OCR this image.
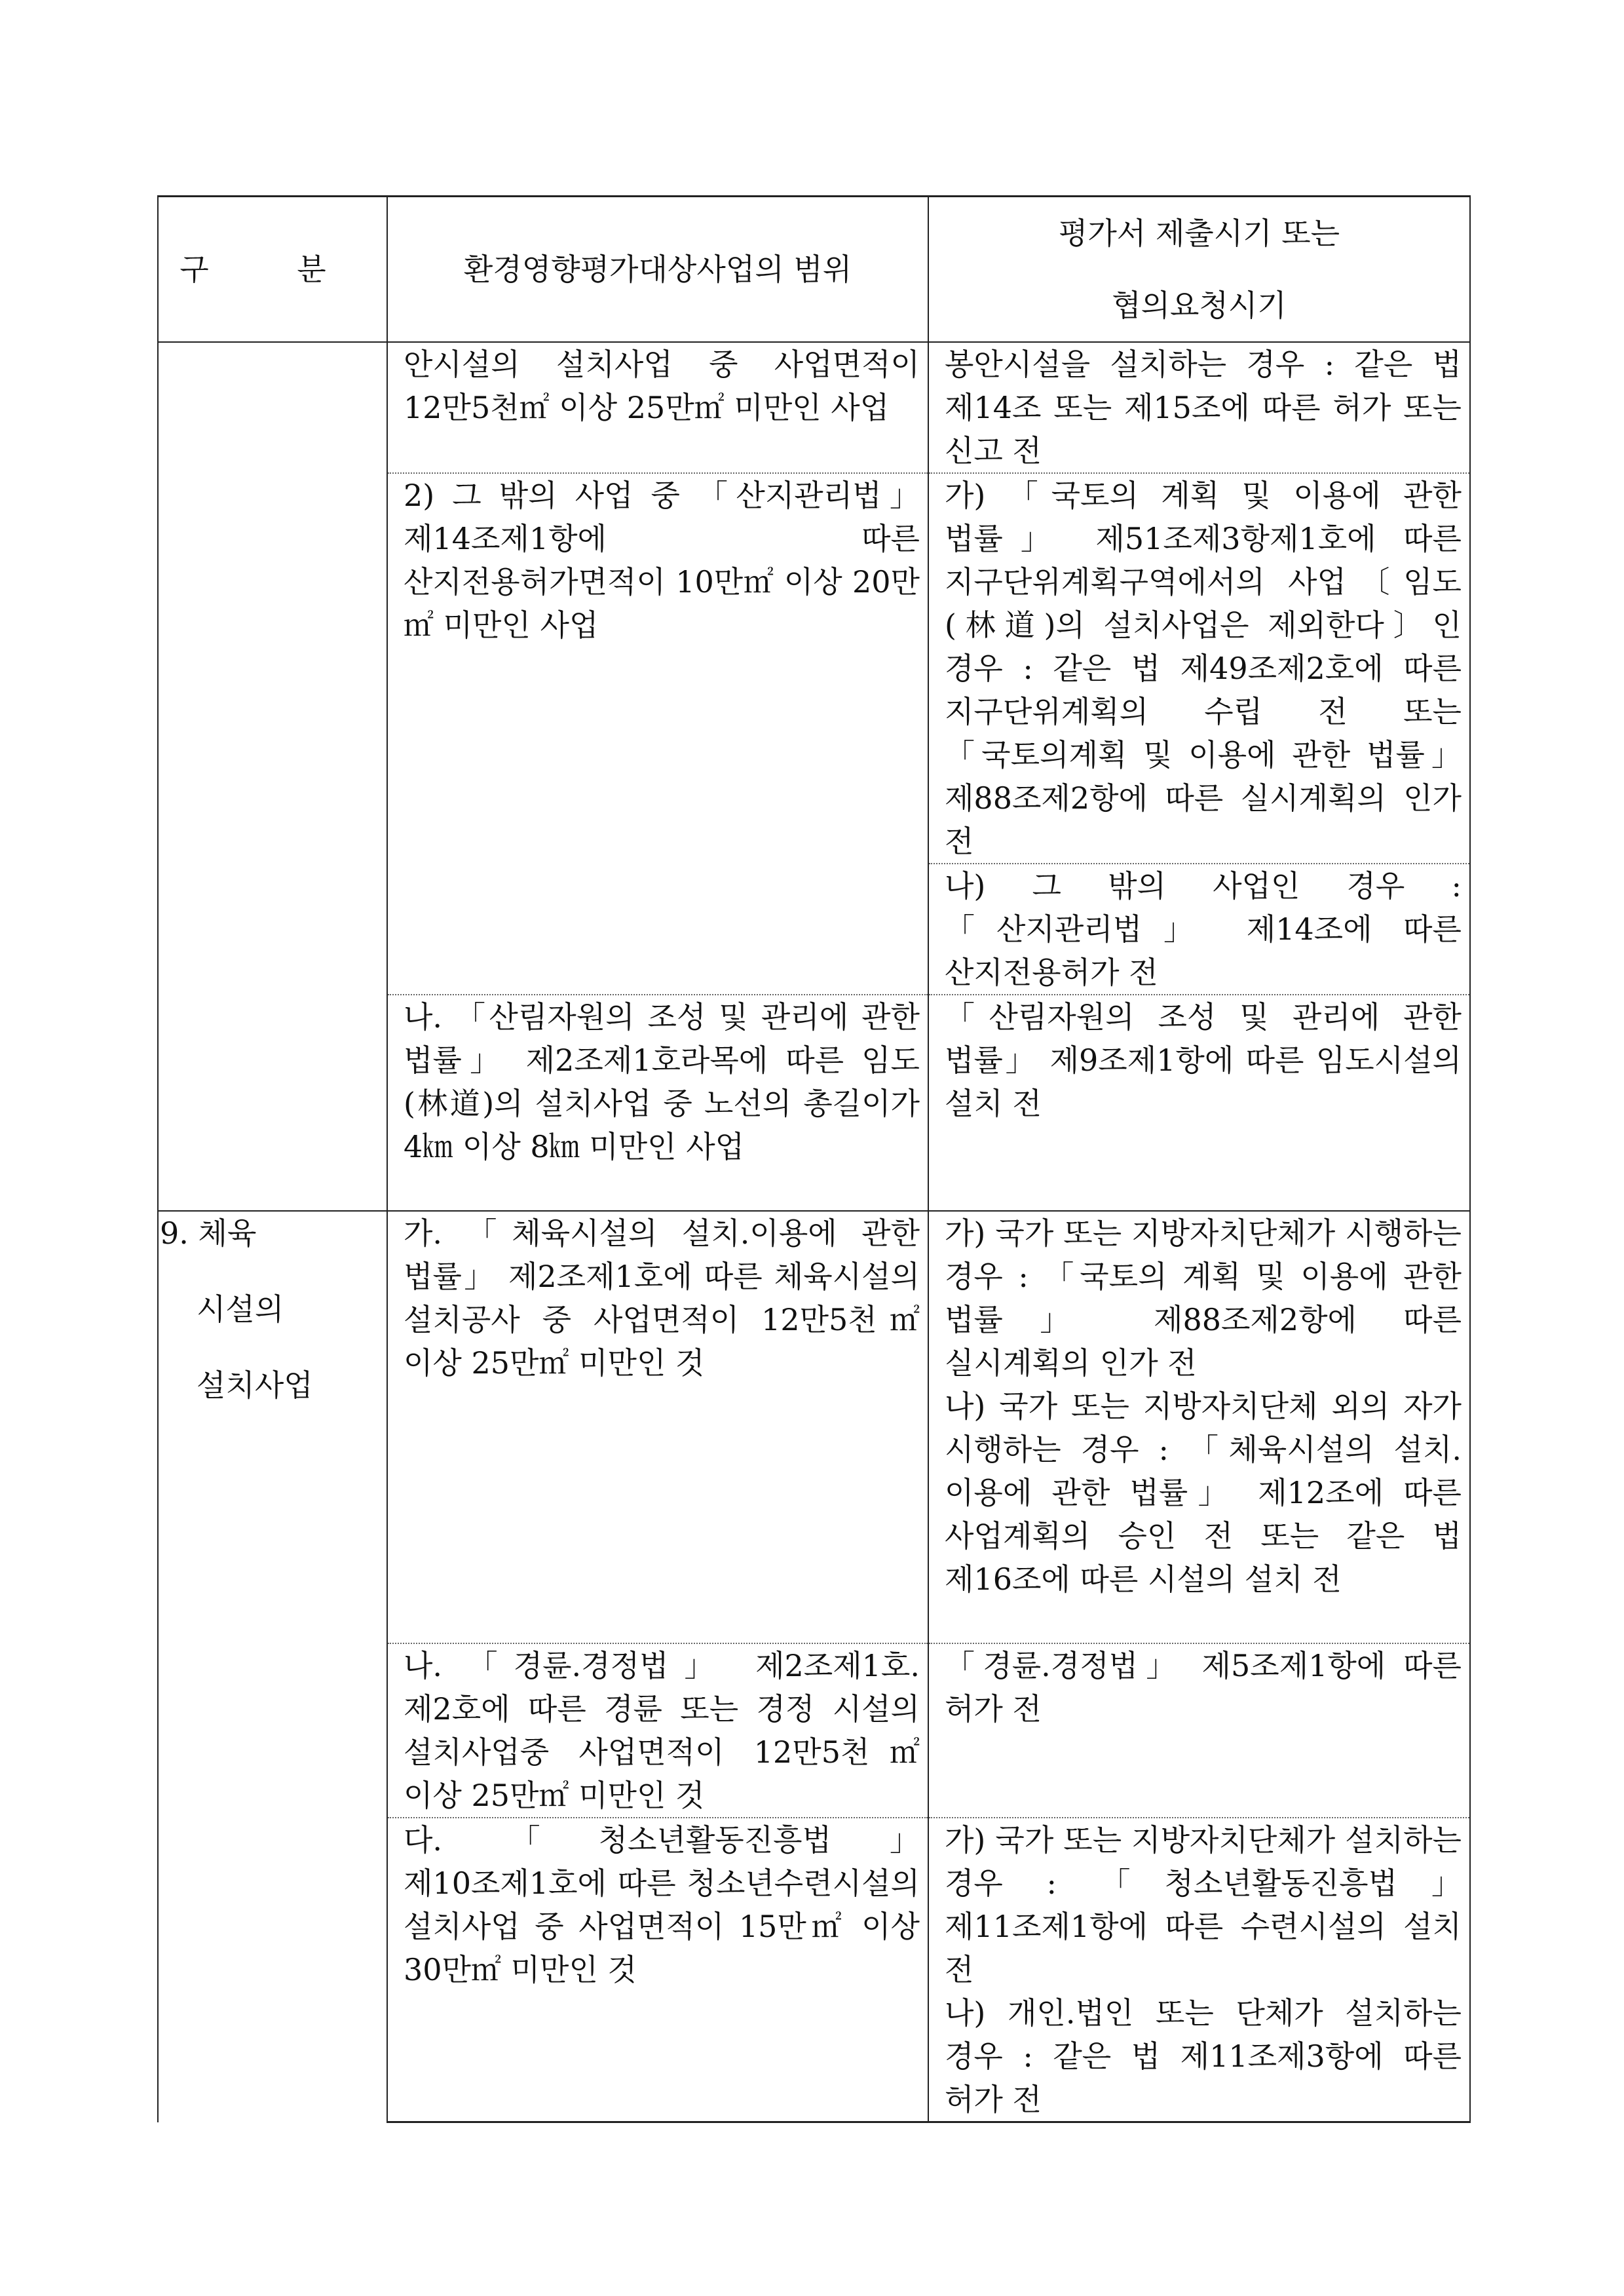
구 분	환경영향평가대상사업의 범위	평가서 제출시기 또는
협의요청시기

	안시설의 설치사업 중 사업면적이 12만5천㎡ 이상 25만㎡ 미만인 사업	봉안시설을 설치하는 경우 : 같은 법 제14조 또는 제15조에 따른 허가 또는 신고 전
	2) 그 밖의 사업 중 「산지관리법」 제14조제1항에 따른 산지전용허가면적이 10만㎡ 이상 20만㎡ 미만인 사업	가) 「국토의 계획 및 이용에 관한 법률」 제51조제3항제1호에 따른 지구단위계획구역에서의 사업〔임도(林道)의 설치사업은 제외한다〕인 경우 : 같은 법 제49조제2호에 따른 지구단위계획의 수립 전 또는 「국토의계획 및 이용에 관한 법률」 제88조제2항에 따른 실시계획의 인가 전
		나) 그 밖의 사업인 경우 : 「산지관리법」 제14조에 따른 산지전용허가 전
	나. 「산림자원의 조성 및 관리에 관한 법률」 제2조제1호라목에 따른 임도(林道)의 설치사업 중 노선의 총길이가 4㎞ 이상 8㎞ 미만인 사업	「산림자원의 조성 및 관리에 관한 법률」 제9조제1항에 따른 임도시설의 설치 전

9. 체육
시설의
설치사업	가. 「체육시설의 설치.이용에 관한 법률」 제2조제1호에 따른 체육시설의 설치공사 중 사업면적이 12만5천㎡ 이상 25만㎡ 미만인 것	가) 국가 또는 지방자치단체가 시행하는 경우 : 「국토의 계획 및 이용에 관한 법률」 제88조제2항에 따른 실시계획의 인가 전
나) 국가 또는 지방자치단체 외의 자가 시행하는 경우 : 「체육시설의 설치.이용에 관한 법률」 제12조에 따른 사업계획의 승인 전 또는 같은 법 제16조에 따른 시설의 설치 전

	나. 「경륜.경정법」 제2조제1호.제2호에 따른 경륜 또는 경정 시설의 설치사업중 사업면적이 12만5천㎡ 이상 25만㎡ 미만인 것	「경륜.경정법」 제5조제1항에 따른 허가 전
	다. 「청소년활동진흥법」 제10조제1호에 따른 청소년수련시설의 설치사업 중 사업면적이 15만㎡ 이상 30만㎡ 미만인 것	가) 국가 또는 지방자치단체가 설치하는 경우 : 「청소년활동진흥법」 제11조제1항에 따른 수련시설의 설치 전
나) 개인.법인 또는 단체가 설치하는 경우 : 같은 법 제11조제3항에 따른 허가 전
